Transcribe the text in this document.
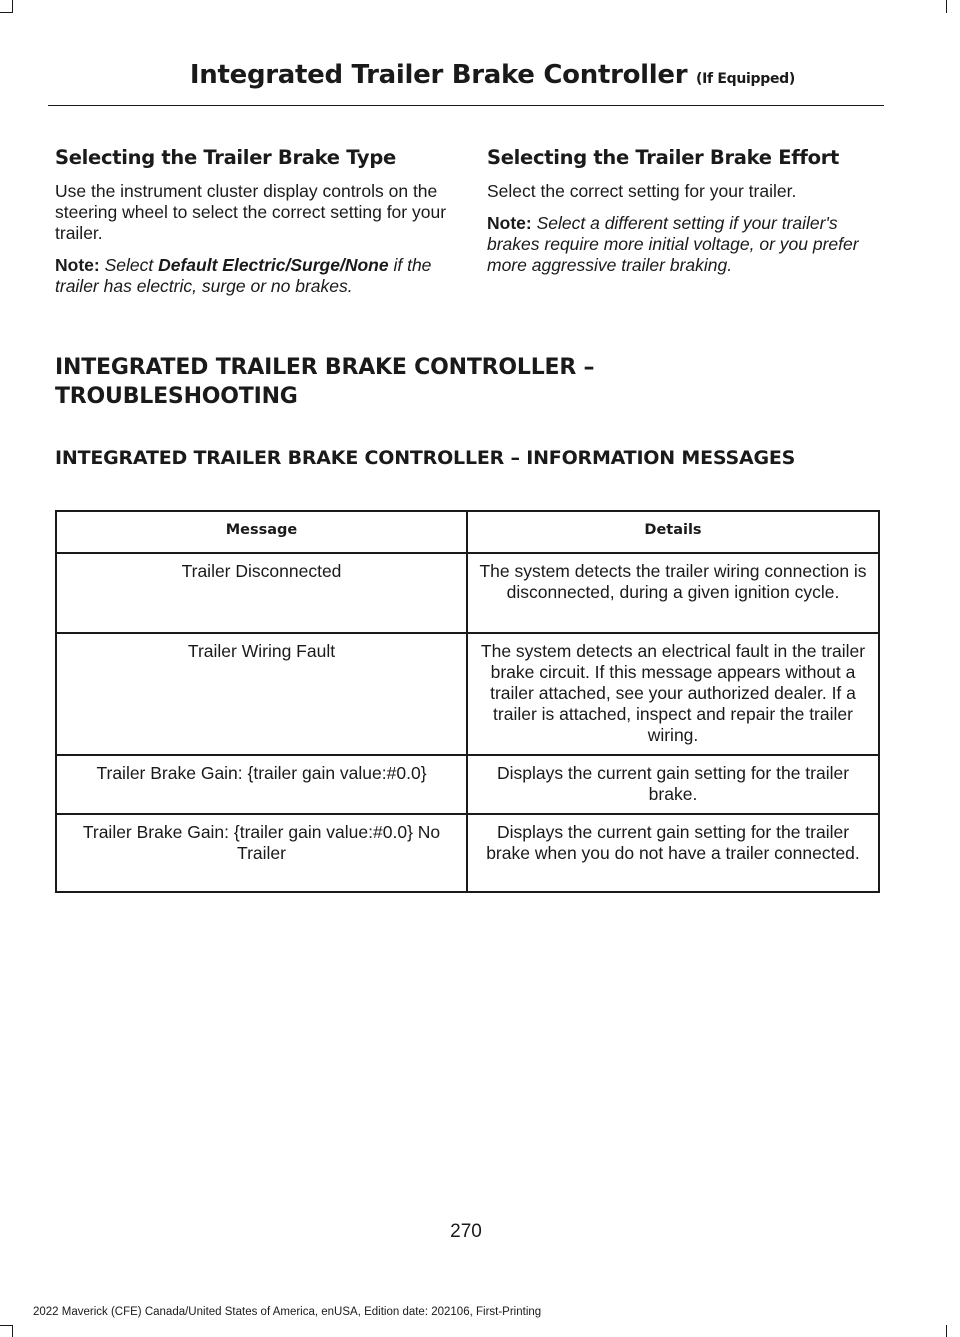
Integrated Trailer Brake Controller (If Equipped)
Selecting the Trailer Brake Type

Use the instrument cluster display controls on the steering wheel to select the correct setting for your trailer.

Note: Select Default Electric/Surge/None if the trailer has electric, surge or no brakes.

Selecting the Trailer Brake Effort

Select the correct setting for your trailer.

Note: Select a different setting if your trailer's brakes require more initial voltage, or you prefer more aggressive trailer braking.

INTEGRATED TRAILER BRAKE CONTROLLER –
TROUBLESHOOTING
INTEGRATED TRAILER BRAKE CONTROLLER – INFORMATION MESSAGES
Message	Details
Trailer Disconnected	The system detects the trailer wiring connection is disconnected, during a given ignition cycle.
Trailer Wiring Fault	The system detects an electrical fault in the trailer brake circuit. If this message appears without a trailer attached, see your authorized dealer. If a trailer is attached, inspect and repair the trailer wiring.
Trailer Brake Gain: {trailer gain value:#0.0}	Displays the current gain setting for the trailer brake.
Trailer Brake Gain: {trailer gain value:#0.0} No Trailer	Displays the current gain setting for the trailer brake when you do not have a trailer connected.
270
2022 Maverick (CFE) Canada/United States of America, enUSA, Edition date: 202106, First-Printing
